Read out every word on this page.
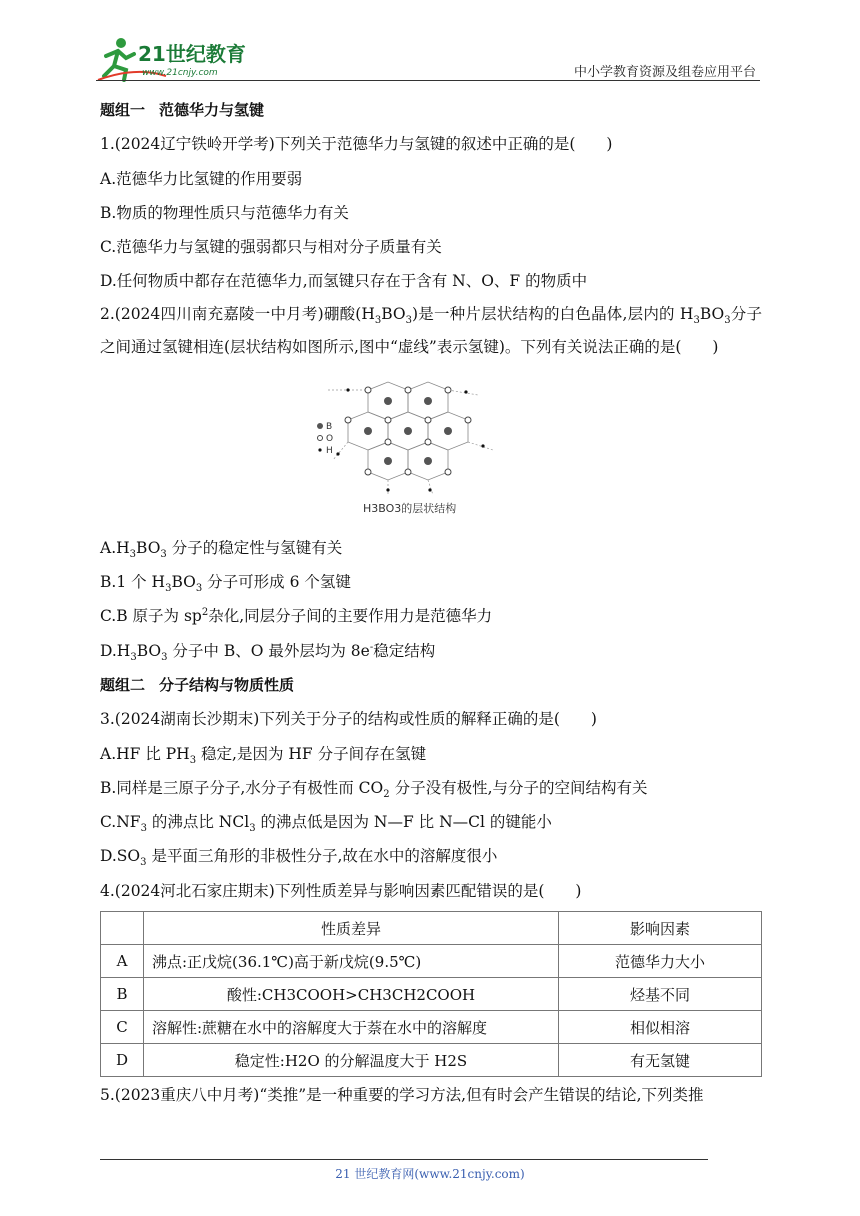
21世纪教育
www.21cnjy.com	中小学教育资源及组卷应用平台
题组一 范德华力与氢键
1.(2024辽宁铁岭开学考)下列关于范德华力与氢键的叙述中正确的是(　　)
A.范德华力比氢键的作用要弱
B.物质的物理性质只与范德华力有关
C.范德华力与氢键的强弱都只与相对分子质量有关
D.任何物质中都存在范德华力,而氢键只存在于含有 N、O、F 的物质中
2.(2024四川南充嘉陵一中月考)硼酸$(H_3BO_3)$是一种片层状结构的白色晶体,层内的 $H_3BO_3$分子之间通过氢键相连(层状结构如图所示,图中“虚线”表示氢键)。下列有关说法正确的是(　　)
B
O
H
H3BO3的层状结构
$A.H_3BO_3$ 分子的稳定性与氢键有关
B.1 个 $H_3BO_3$ 分子可形成 6 个氢键
C.B 原子为 $sp^2$杂化,同层分子间的主要作用力是范德华力
$D.H_3BO_3$ 分子中 B、O 最外层均为 8e-稳定结构
题组二 分子结构与物质性质
3.(2024湖南长沙期末)下列关于分子的结构或性质的解释正确的是(　　)
A.HF 比 $PH_3$ 稳定,是因为 HF 分子间存在氢键
B.同样是三原子分子,水分子有极性而 $CO_2$ 分子没有极性,与分子的空间结构有关
$C.NF_3$ 的沸点比 NCl$_3$ 的沸点低是因为 N—F 比 N—Cl 的键能小
$D.SO_3$ 是平面三角形的非极性分子,故在水中的溶解度很小
4.(2024河北石家庄期末)下列性质差异与影响因素匹配错误的是(　　)
	性质差异	影响因素
A	沸点:正戊烷(36.1℃)高于新戊烷(9.5℃)	范德华力大小
B	酸性:CH3COOH>CH3CH2COOH	烃基不同
C	溶解性:蔗糖在水中的溶解度大于萘在水中的溶解度	相似相溶
D	稳定性:H2O 的分解温度大于 H2S	有无氢键
5.(2023重庆八中月考)“类推”是一种重要的学习方法,但有时会产生错误的结论,下列类推
21 世纪教育网(www.21cnjy.com)
